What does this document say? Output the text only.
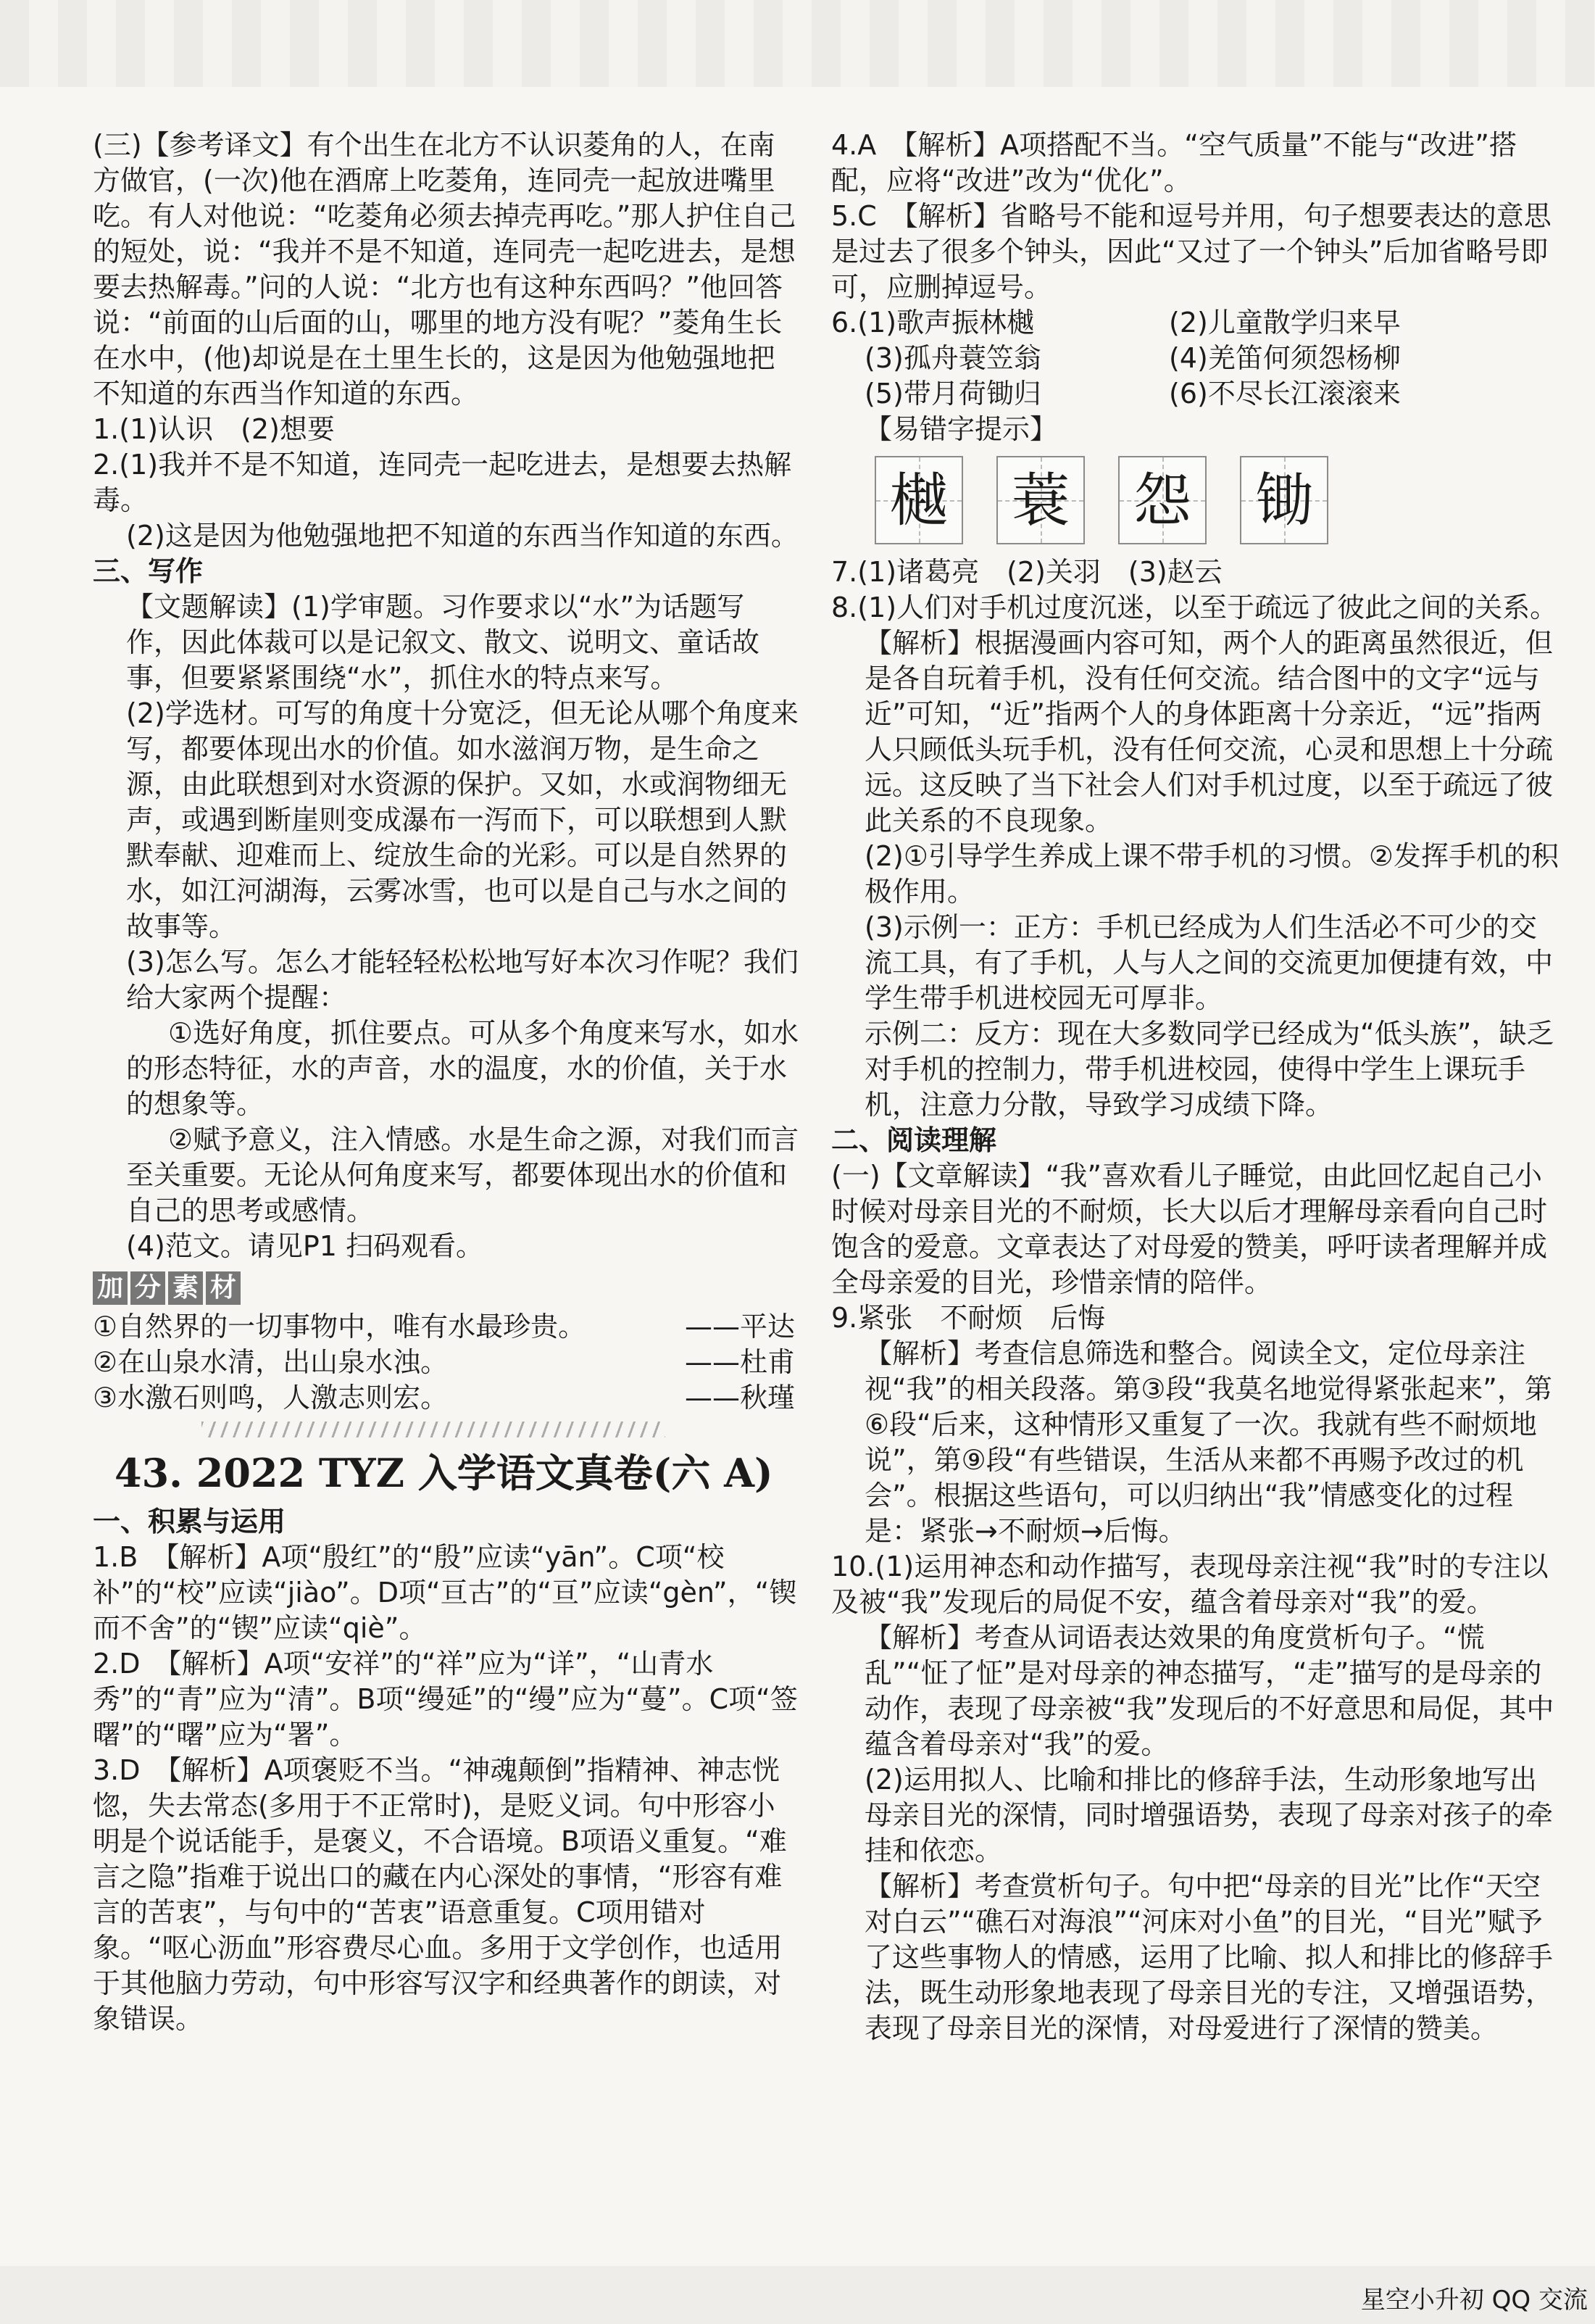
(三)【参考译文】有个出生在北方不认识菱角的人，在南方做官，(一次)他在酒席上吃菱角，连同壳一起放进嘴里吃。有人对他说：“吃菱角必须去掉壳再吃。”那人护住自己的短处，说：“我并不是不知道，连同壳一起吃进去，是想要去热解毒。”问的人说：“北方也有这种东西吗？”他回答说：“前面的山后面的山，哪里的地方没有呢？”菱角生长在水中，(他)却说是在土里生长的，这是因为他勉强地把不知道的东西当作知道的东西。

1.(1)认识　(2)想要

2.(1)我并不是不知道，连同壳一起吃进去，是想要去热解毒。

(2)这是因为他勉强地把不知道的东西当作知道的东西。

三、写作

【文题解读】(1)学审题。习作要求以“水”为话题写作，因此体裁可以是记叙文、散文、说明文、童话故事，但要紧紧围绕“水”，抓住水的特点来写。

(2)学选材。可写的角度十分宽泛，但无论从哪个角度来写，都要体现出水的价值。如水滋润万物，是生命之源，由此联想到对水资源的保护。又如，水或润物细无声，或遇到断崖则变成瀑布一泻而下，可以联想到人默默奉献、迎难而上、绽放生命的光彩。可以是自然界的水，如江河湖海，云雾冰雪，也可以是自己与水之间的故事等。

(3)怎么写。怎么才能轻轻松松地写好本次习作呢？我们给大家两个提醒：

①选好角度，抓住要点。可从多个角度来写水，如水的形态特征，水的声音，水的温度，水的价值，关于水的想象等。

②赋予意义，注入情感。水是生命之源，对我们而言至关重要。无论从何角度来写，都要体现出水的价值和自己的思考或感情。

(4)范文。请见P1 扫码观看。

加 分 素 材
①自然界的一切事物中，唯有水最珍贵。	——平达
②在山泉水清，出山泉水浊。	——杜甫
③水激石则鸣，人激志则宏。	——秋瑾

43. 2022 TYZ 入学语文真卷(六 A)

一、积累与运用

1.B　【解析】A项“殷红”的“殷”应读“yān”。C项“校补”的“校”应读“jiào”。D项“亘古”的“亘”应读“gèn”，“锲而不舍”的“锲”应读“qiè”。

2.D　【解析】A项“安祥”的“祥”应为“详”，“山青水秀”的“青”应为“清”。B项“缦延”的“缦”应为“蔓”。C项“签曙”的“曙”应为“署”。

3.D　【解析】A项褒贬不当。“神魂颠倒”指精神、神志恍惚，失去常态(多用于不正常时)，是贬义词。句中形容小明是个说话能手，是褒义，不合语境。B项语义重复。“难言之隐”指难于说出口的藏在内心深处的事情，“形容有难言的苦衷”，与句中的“苦衷”语意重复。C项用错对象。“呕心沥血”形容费尽心血。多用于文学创作，也适用于其他脑力劳动，句中形容写汉字和经典著作的朗读，对象错误。

4.A　【解析】A项搭配不当。“空气质量”不能与“改进”搭配，应将“改进”改为“优化”。

5.C　【解析】省略号不能和逗号并用，句子想要表达的意思是过去了很多个钟头，因此“又过了一个钟头”后加省略号即可，应删掉逗号。

6.(1)歌声振林樾	(2)儿童散学归来早
(3)孤舟蓑笠翁	(4)羌笛何须怨杨柳
(5)带月荷锄归	(6)不尽长江滚滚来

【易错字提示】

樾 蓑 怨 锄

7.(1)诸葛亮　(2)关羽　(3)赵云

8.(1)人们对手机过度沉迷，以至于疏远了彼此之间的关系。

【解析】根据漫画内容可知，两个人的距离虽然很近，但是各自玩着手机，没有任何交流。结合图中的文字“远与近”可知，“近”指两个人的身体距离十分亲近，“远”指两人只顾低头玩手机，没有任何交流，心灵和思想上十分疏远。这反映了当下社会人们对手机过度，以至于疏远了彼此关系的不良现象。

(2)①引导学生养成上课不带手机的习惯。②发挥手机的积极作用。

(3)示例一：正方：手机已经成为人们生活必不可少的交流工具，有了手机，人与人之间的交流更加便捷有效，中学生带手机进校园无可厚非。

示例二：反方：现在大多数同学已经成为“低头族”，缺乏对手机的控制力，带手机进校园，使得中学生上课玩手机，注意力分散，导致学习成绩下降。

二、阅读理解

(一)【文章解读】“我”喜欢看儿子睡觉，由此回忆起自己小时候对母亲目光的不耐烦，长大以后才理解母亲看向自己时饱含的爱意。文章表达了对母爱的赞美，呼吁读者理解并成全母亲爱的目光，珍惜亲情的陪伴。

9.紧张　不耐烦　后悔

【解析】考查信息筛选和整合。阅读全文，定位母亲注视“我”的相关段落。第③段“我莫名地觉得紧张起来”，第⑥段“后来，这种情形又重复了一次。我就有些不耐烦地说”，第⑨段“有些错误，生活从来都不再赐予改过的机会”。根据这些语句，可以归纳出“我”情感变化的过程是：紧张→不耐烦→后悔。

10.(1)运用神态和动作描写，表现母亲注视“我”时的专注以及被“我”发现后的局促不安，蕴含着母亲对“我”的爱。

【解析】考查从词语表达效果的角度赏析句子。“慌乱”“怔了怔”是对母亲的神态描写，“走”描写的是母亲的动作，表现了母亲被“我”发现后的不好意思和局促，其中蕴含着母亲对“我”的爱。

(2)运用拟人、比喻和排比的修辞手法，生动形象地写出母亲目光的深情，同时增强语势，表现了母亲对孩子的牵挂和依恋。

【解析】考查赏析句子。句中把“母亲的目光”比作“天空对白云”“礁石对海浪”“河床对小鱼”的目光，“目光”赋予了这些事物人的情感，运用了比喻、拟人和排比的修辞手法，既生动形象地表现了母亲目光的专注，又增强语势，表现了母亲目光的深情，对母爱进行了深情的赞美。

星空小升初 QQ 交流
